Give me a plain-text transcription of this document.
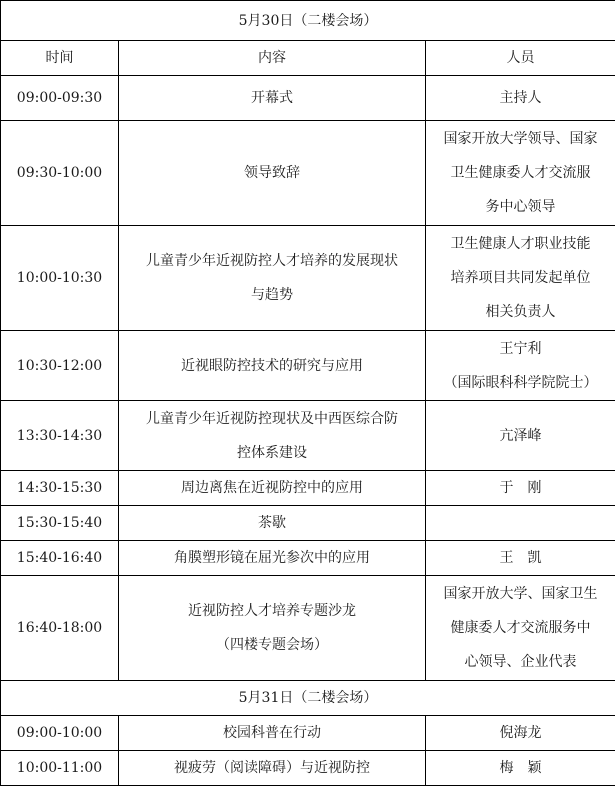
5月30日（二楼会场）		
时间	内容	人员
09:00-09:30	开幕式	主持人

09:30-10:00	领导致辞	国家开放大学领导、国家
卫生健康委人才交流服
务中心领导

10:00-10:30	儿童青少年近视防控人才培养的发展现状
与趋势	卫生健康人才职业技能
培养项目共同发起单位
相关负责人

10:30-12:00	近视眼防控技术的研究与应用	王宁利
（国际眼科科学院院士）

13:30-14:30	儿童青少年近视防控现状及中西医综合防
控体系建设	亢泽峰

14:30-15:30	周边离焦在近视防控中的应用	于　刚

15:30-15:40	茶歇	

15:40-16:40	角膜塑形镜在屈光参次中的应用	王　凯

16:40-18:00	近视防控人才培养专题沙龙
（四楼专题会场）	国家开放大学、国家卫生
健康委人才交流服务中
心领导、企业代表

5月31日（二楼会场）		
09:00-10:00	校园科普在行动	倪海龙

10:00-11:00	视疲劳（阅读障碍）与近视防控	梅　颖
